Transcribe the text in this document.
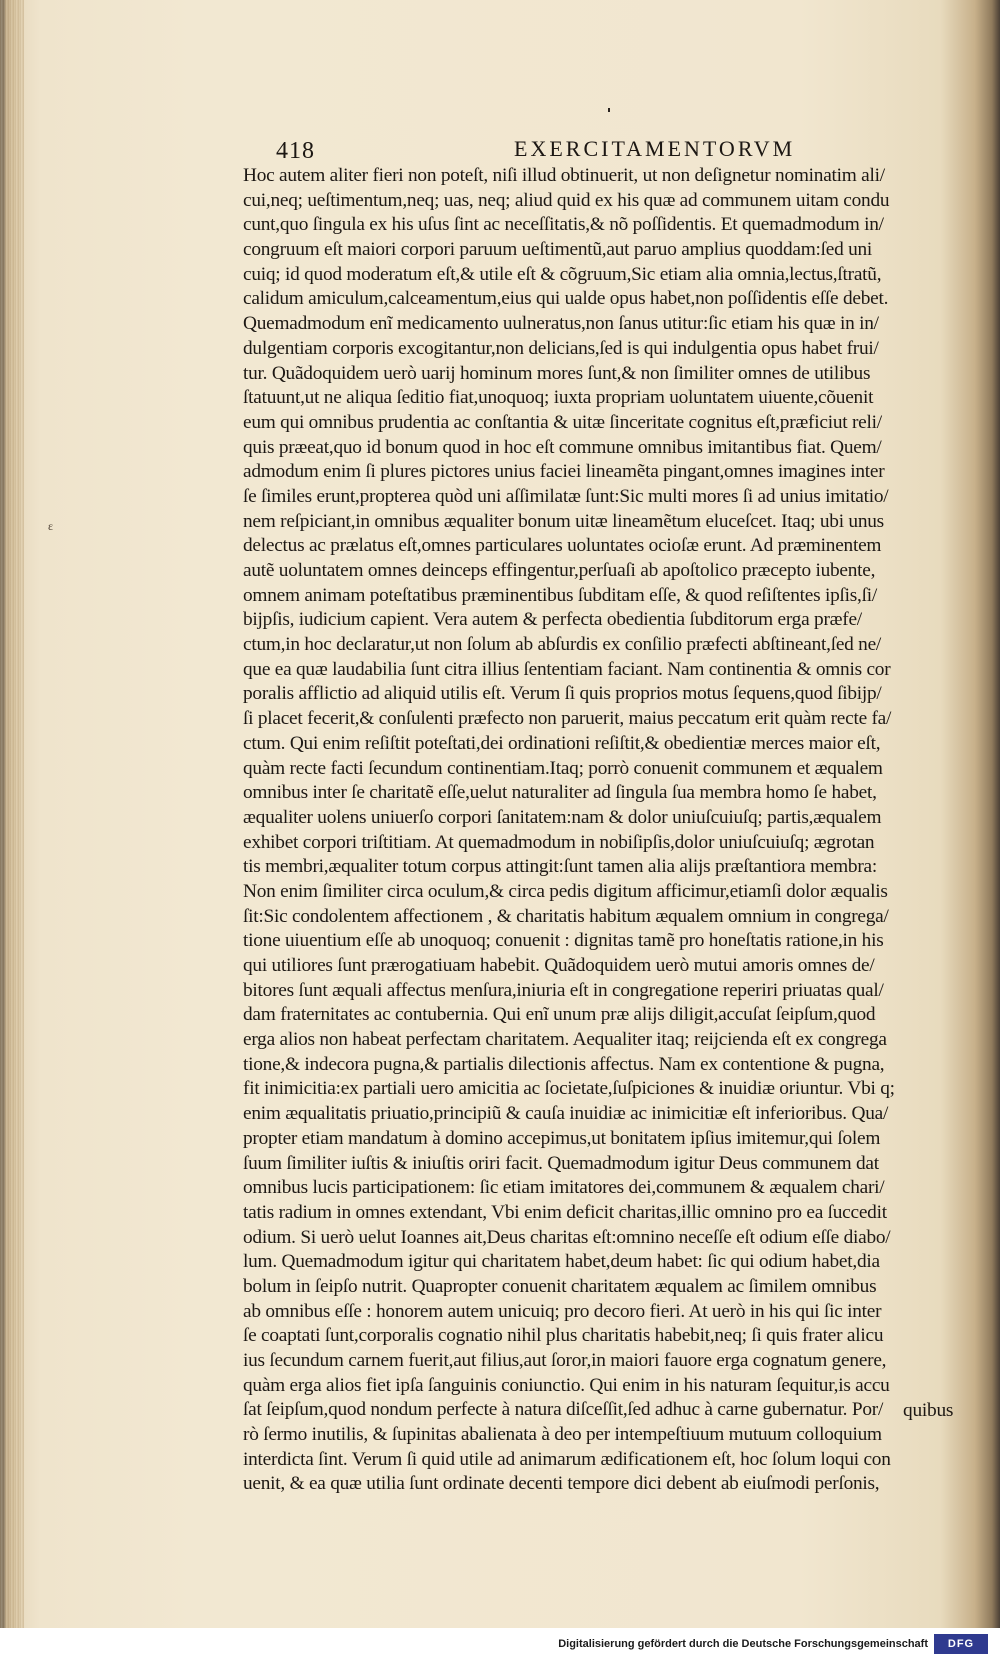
ε
418	EXERCITAMENTORVM
Hoc autem aliter fieri non poteſt, niſi illud obtinuerit, ut non deſignetur nominatim ali/
cui,neq; ueſtimentum,neq; uas, neq; aliud quid ex his quæ ad communem uitam condu
cunt,quo ſingula ex his uſus ſint ac neceſſitatis,& nõ poſſidentis. Et quemadmodum in/
congruum eſt maiori corpori paruum ueſtimentũ,aut paruo amplius quoddam:ſed uni
cuiq; id quod moderatum eſt,& utile eſt & cõgruum,Sic etiam alia omnia,lectus,ſtratũ,
calidum amiculum,calceamentum,eius qui ualde opus habet,non poſſidentis eſſe debet.
Quemadmodum enĩ medicamento uulneratus,non ſanus utitur:ſic etiam his quæ in in/
dulgentiam corporis excogitantur,non delicians,ſed is qui indulgentia opus habet frui/
tur. Quãdoquidem uerò uarij hominum mores ſunt,& non ſimiliter omnes de utilibus
ſtatuunt,ut ne aliqua ſeditio fiat,unoquoq; iuxta propriam uoluntatem uiuente,cõuenit
eum qui omnibus prudentia ac conſtantia & uitæ ſinceritate cognitus eſt,præficiut reli/
quis præeat,quo id bonum quod in hoc eſt commune omnibus imitantibus fiat. Quem/
admodum enim ſi plures pictores unius faciei lineamẽta pingant,omnes imagines inter
ſe ſimiles erunt,propterea quòd uni aſſimilatæ ſunt:Sic multi mores ſi ad unius imitatio/
nem reſpiciant,in omnibus æqualiter bonum uitæ lineamẽtum eluceſcet. Itaq; ubi unus
delectus ac prælatus eſt,omnes particulares uoluntates ocioſæ erunt. Ad præminentem
autẽ uoluntatem omnes deinceps effingentur,perſuaſi ab apoſtolico præcepto iubente,
omnem animam poteſtatibus præminentibus ſubditam eſſe, & quod reſiſtentes ipſis,ſi/
bijpſis, iudicium capient. Vera autem & perfecta obedientia ſubditorum erga præfe/
ctum,in hoc declaratur,ut non ſolum ab abſurdis ex conſilio præfecti abſtineant,ſed ne/
que ea quæ laudabilia ſunt citra illius ſententiam faciant. Nam continentia & omnis cor
poralis afflictio ad aliquid utilis eſt. Verum ſi quis proprios motus ſequens,quod ſibijp/
ſi placet fecerit,& conſulenti præfecto non paruerit, maius peccatum erit quàm recte fa/
ctum. Qui enim reſiſtit poteſtati,dei ordinationi reſiſtit,& obedientiæ merces maior eſt,
quàm recte facti ſecundum continentiam.Itaq; porrò conuenit communem et æqualem
omnibus inter ſe charitatẽ eſſe,uelut naturaliter ad ſingula ſua membra homo ſe habet,
æqualiter uolens uniuerſo corpori ſanitatem:nam & dolor uniuſcuiuſq; partis,æqualem
exhibet corpori triſtitiam. At quemadmodum in nobiſipſis,dolor uniuſcuiuſq; ægrotan
tis membri,æqualiter totum corpus attingit:ſunt tamen alia alijs præſtantiora membra:
Non enim ſimiliter circa oculum,& circa pedis digitum afficimur,etiamſi dolor æqualis
ſit:Sic condolentem affectionem , & charitatis habitum æqualem omnium in congrega/
tione uiuentium eſſe ab unoquoq; conuenit : dignitas tamẽ pro honeſtatis ratione,in his
qui utiliores ſunt prærogatiuam habebit. Quãdoquidem uerò mutui amoris omnes de/
bitores ſunt æquali affectus menſura,iniuria eſt in congregatione reperiri priuatas qual/
dam fraternitates ac contubernia. Qui enĩ unum præ alijs diligit,accuſat ſeipſum,quod
erga alios non habeat perfectam charitatem. Aequaliter itaq; reijcienda eſt ex congrega
tione,& indecora pugna,& partialis dilectionis affectus. Nam ex contentione & pugna,
fit inimicitia:ex partiali uero amicitia ac ſocietate,ſuſpiciones & inuidiæ oriuntur. Vbi q;
enim æqualitatis priuatio,principiũ & cauſa inuidiæ ac inimicitiæ eſt inferioribus. Qua/
propter etiam mandatum à domino accepimus,ut bonitatem ipſius imitemur,qui ſolem
ſuum ſimiliter iuſtis & iniuſtis oriri facit. Quemadmodum igitur Deus communem dat
omnibus lucis participationem: ſic etiam imitatores dei,communem & æqualem chari/
tatis radium in omnes extendant, Vbi enim deficit charitas,illic omnino pro ea ſuccedit
odium. Si uerò uelut Ioannes ait,Deus charitas eſt:omnino neceſſe eſt odium eſſe diabo/
lum. Quemadmodum igitur qui charitatem habet,deum habet: ſic qui odium habet,dia
bolum in ſeipſo nutrit. Quapropter conuenit charitatem æqualem ac ſimilem omnibus
ab omnibus eſſe : honorem autem unicuiq; pro decoro fieri. At uerò in his qui ſic inter
ſe coaptati ſunt,corporalis cognatio nihil plus charitatis habebit,neq; ſi quis frater alicu
ius ſecundum carnem fuerit,aut filius,aut ſoror,in maiori fauore erga cognatum genere,
quàm erga alios fiet ipſa ſanguinis coniunctio. Qui enim in his naturam ſequitur,is accu
ſat ſeipſum,quod nondum perfecte à natura diſceſſit,ſed adhuc à carne gubernatur. Por/
rò ſermo inutilis, & ſupinitas abalienata à deo per intempeſtiuum mutuum colloquium
interdicta ſint. Verum ſi quid utile ad animarum ædificationem eſt, hoc ſolum loqui con
uenit, & ea quæ utilia ſunt ordinate decenti tempore dici debent ab eiuſmodi perſonis,
quibus
Digitalisierung gefördert durch die Deutsche Forschungsgemeinschaft	DFG
